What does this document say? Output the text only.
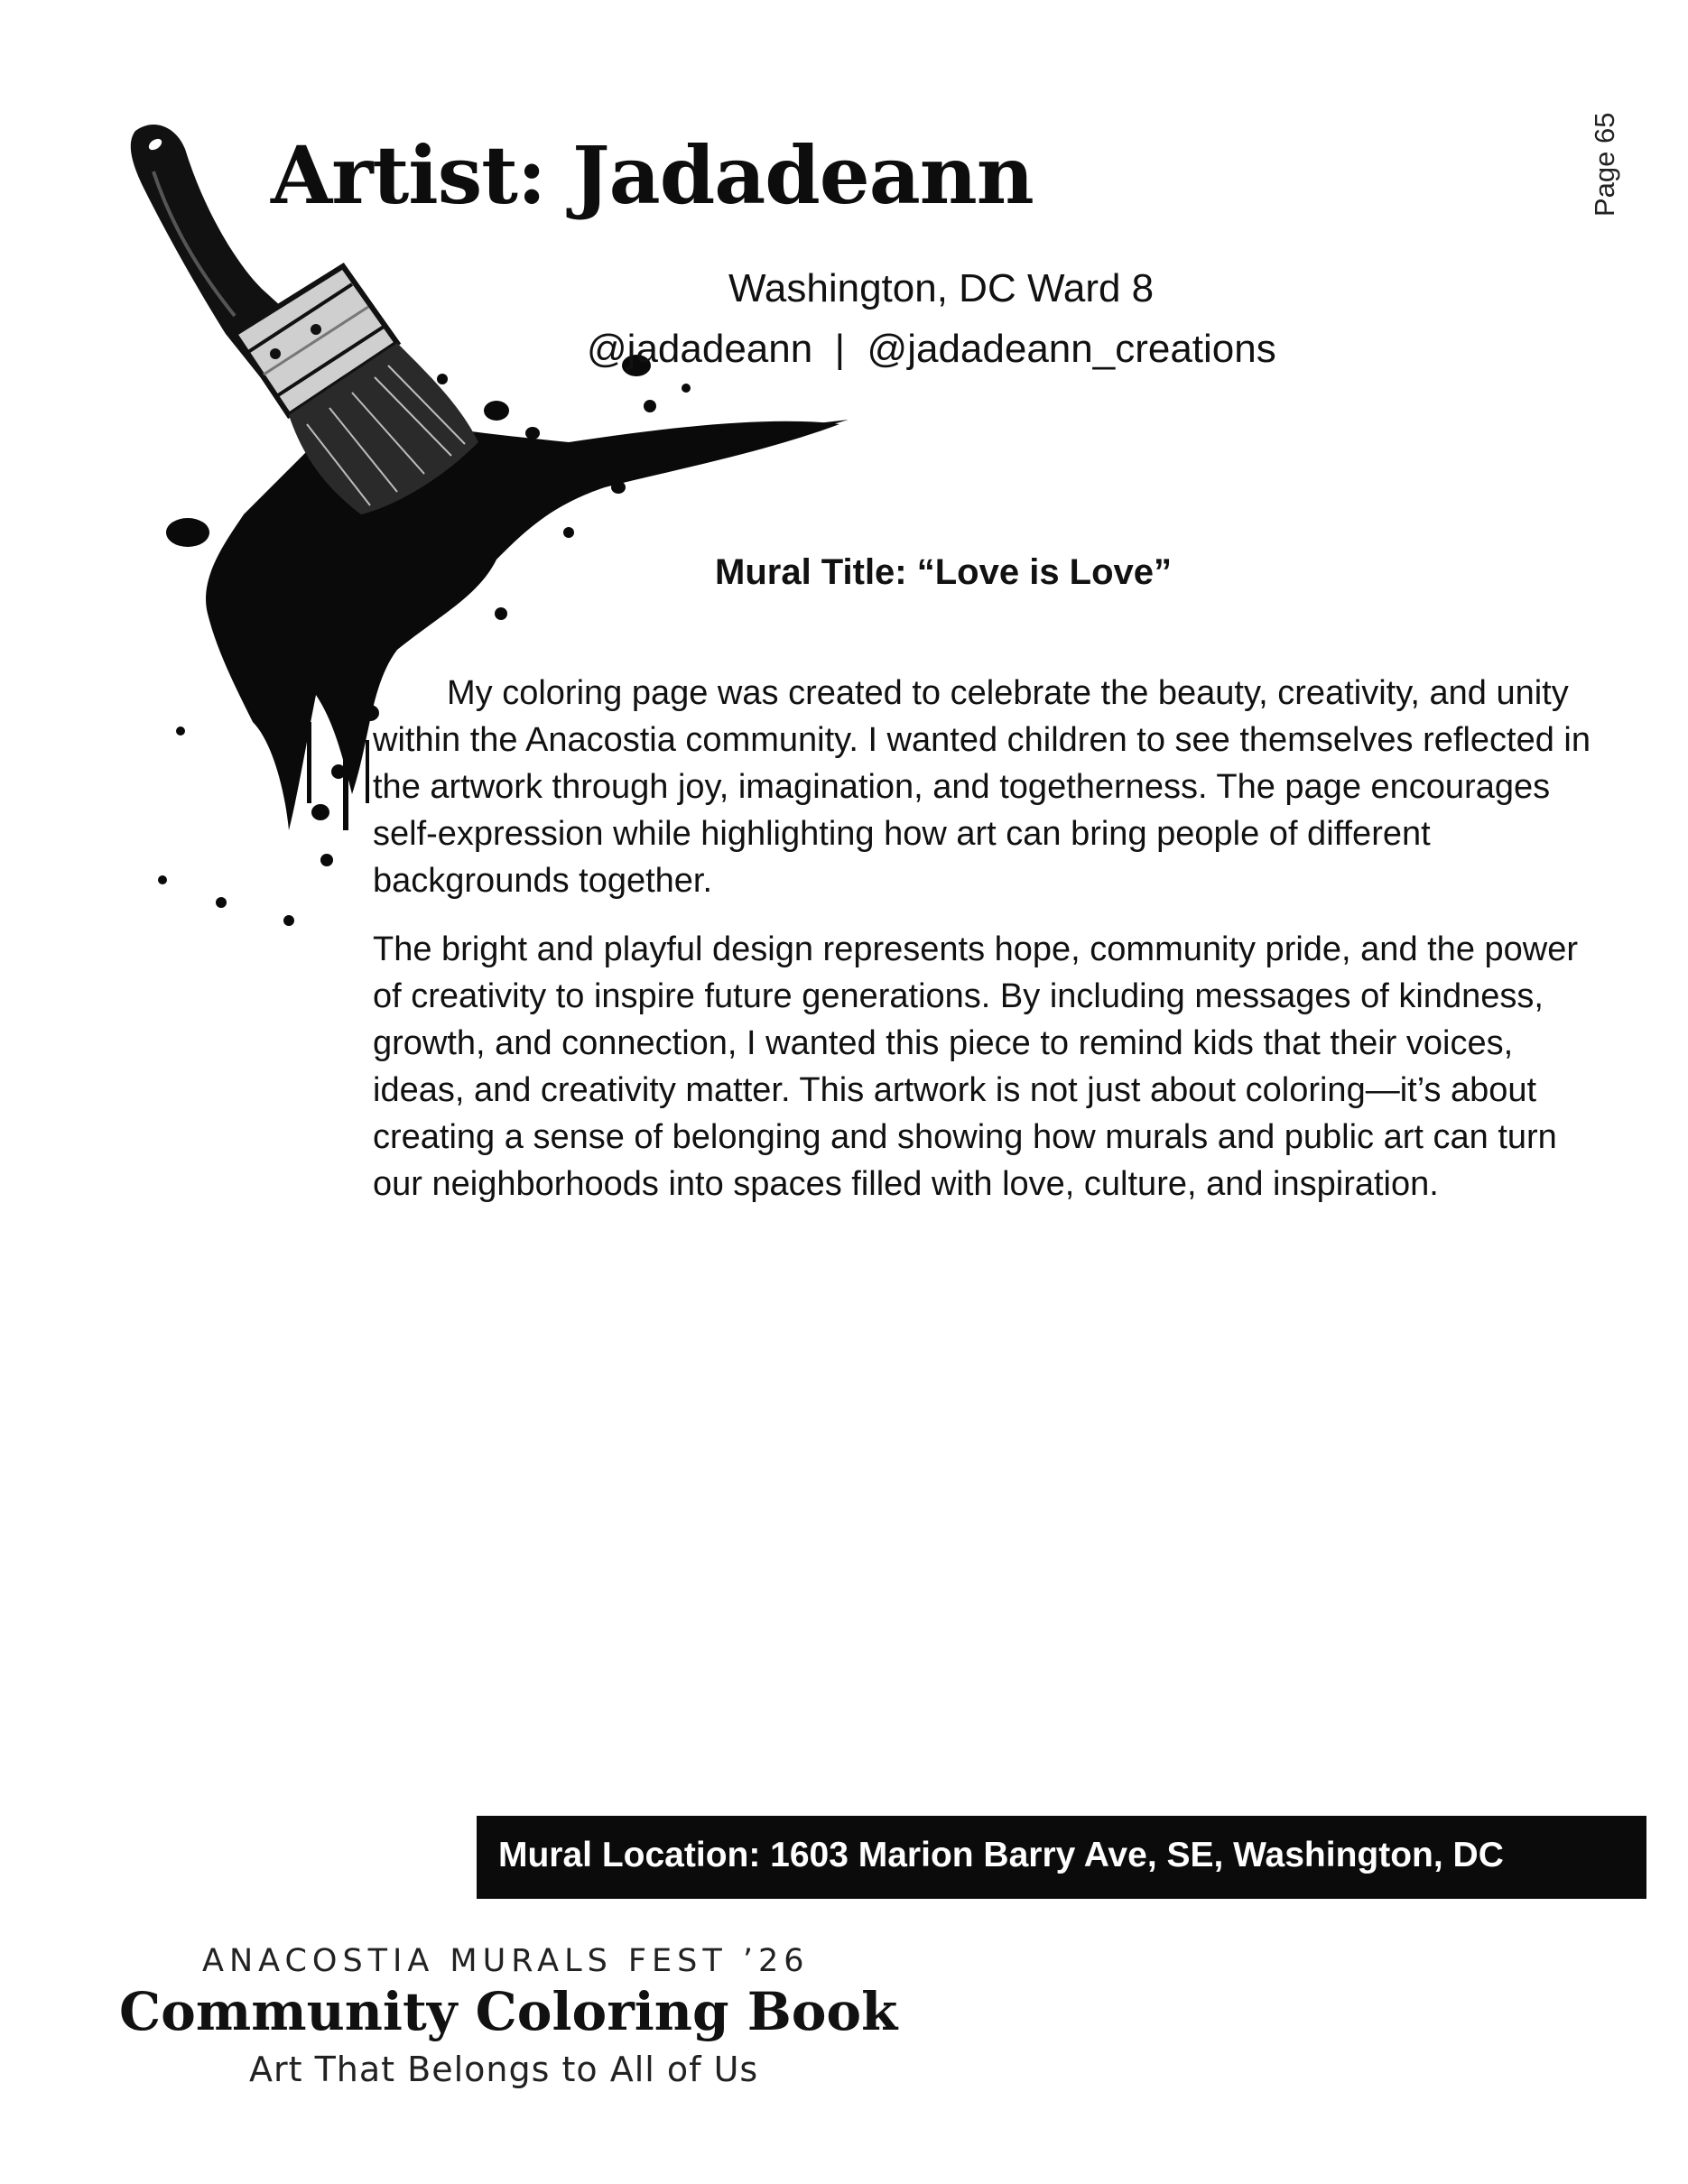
Page 65
Artist: Jadadeann
Washington, DC Ward 8
@jadadeann  |  @jadadeann_creations
Mural Title: “Love is Love”

My coloring page was created to celebrate the beauty, creativity, and unity within the Anacostia community. I wanted children to see themselves reflected in the artwork through joy, imagination, and togetherness. The page encourages self-expression while highlighting how art can bring people of different backgrounds together.

The bright and playful design represents hope, community pride, and the power of creativity to inspire future generations. By including messages of kindness, growth, and connection, I wanted this piece to remind kids that their voices, ideas, and creativity matter. This artwork is not just about coloring—it’s about creating a sense of belonging and showing how murals and public art can turn our neighborhoods into spaces filled with love, culture, and inspiration.

Mural Location: 1603 Marion Barry Ave, SE, Washington, DC
ANACOSTIA MURALS FEST ’26
Community Coloring Book
Art That Belongs to All of Us
